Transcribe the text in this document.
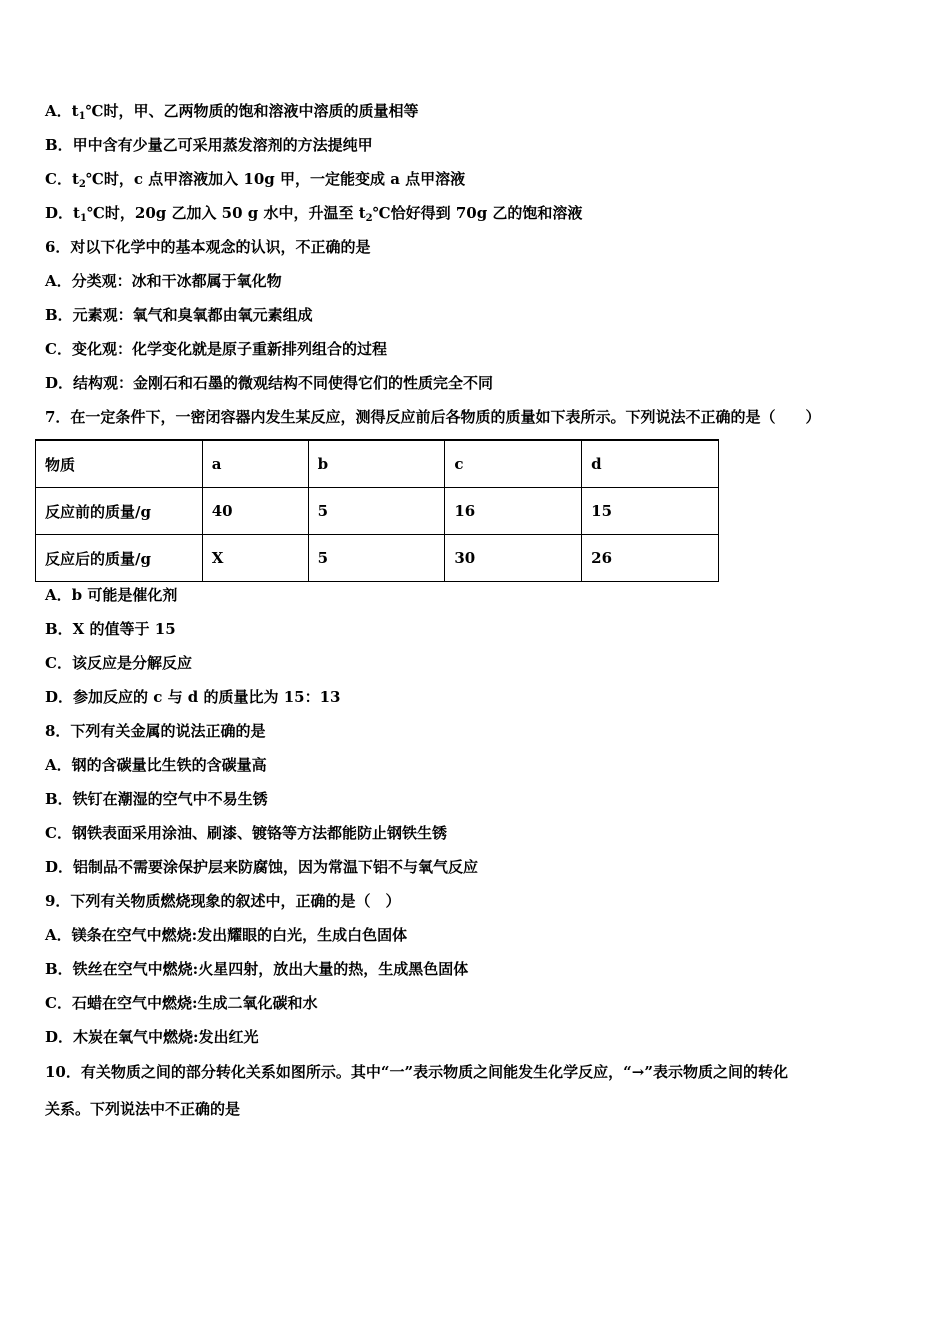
A．$t_1℃$时，甲、乙两物质的饱和溶液中溶质的质量相等
B．甲中含有少量乙可采用蒸发溶剂的方法提纯甲
C．$t_2℃$时，c 点甲溶液加入 10g 甲，一定能变成 a 点甲溶液
D．$t_1℃$时，20g 乙加入 50 g 水中，升温至 $t_2℃$恰好得到 70g 乙的饱和溶液
6．对以下化学中的基本观念的认识，不正确的是
A．分类观：冰和干冰都属于氧化物
B．元素观：氧气和臭氧都由氧元素组成
C．变化观：化学变化就是原子重新排列组合的过程
D．结构观：金刚石和石墨的微观结构不同使得它们的性质完全不同
7．在一定条件下，一密闭容器内发生某反应，测得反应前后各物质的质量如下表所示。下列说法不正确的是（　　）
物质	a	b	c	d
反应前的质量/g	40	5	16	15
反应后的质量/g	X	5	30	26
A．b 可能是催化剂
B．X 的值等于 15
C．该反应是分解反应
D．参加反应的 c 与 d 的质量比为 15：13
8．下列有关金属的说法正确的是
A．钢的含碳量比生铁的含碳量高
B．铁钉在潮湿的空气中不易生锈
C．钢铁表面采用涂油、刷漆、镀铬等方法都能防止钢铁生锈
D．铝制品不需要涂保护层来防腐蚀，因为常温下铝不与氧气反应
9．下列有关物质燃烧现象的叙述中，正确的是（　）
A．镁条在空气中燃烧:发出耀眼的白光，生成白色固体
B．铁丝在空气中燃烧:火星四射，放出大量的热，生成黑色固体
C．石蜡在空气中燃烧:生成二氧化碳和水
D．木炭在氧气中燃烧:发出红光
10．有关物质之间的部分转化关系如图所示。其中“一”表示物质之间能发生化学反应，“→”表示物质之间的转化
关系。下列说法中不正确的是
